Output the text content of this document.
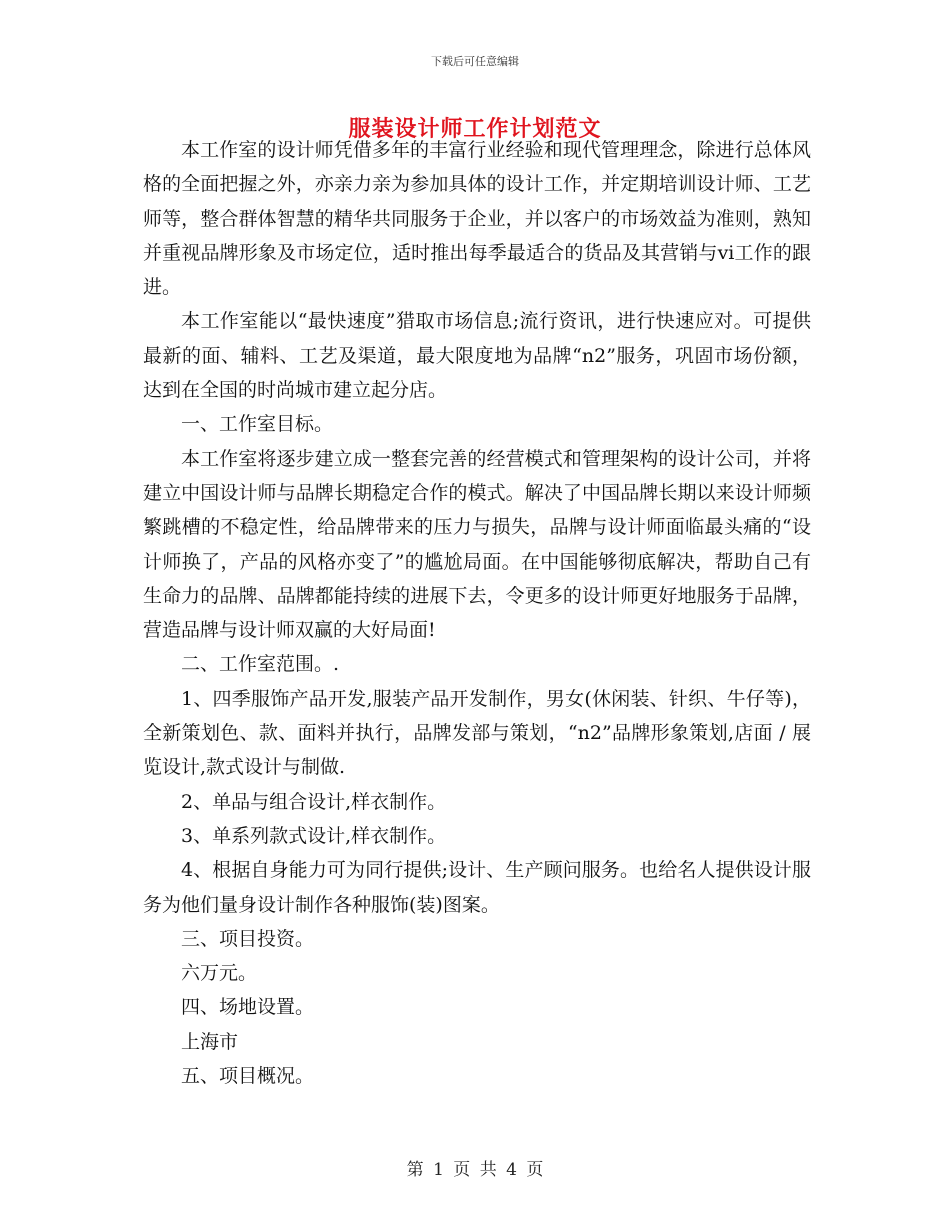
下载后可任意编辑
服装设计师工作计划范文

本工作室的设计师凭借多年的丰富行业经验和现代管理理念，除进行总体风格的全面把握之外，亦亲力亲为参加具体的设计工作，并定期培训设计师、工艺师等，整合群体智慧的精华共同服务于企业，并以客户的市场效益为准则，熟知并重视品牌形象及市场定位，适时推出每季最适合的货品及其营销与vi工作的跟进。

本工作室能以“最快速度”猎取市场信息;流行资讯，进行快速应对。可提供最新的面、辅料、工艺及渠道，最大限度地为品牌“n2”服务，巩固市场份额，达到在全国的时尚城市建立起分店。

一、工作室目标。

本工作室将逐步建立成一整套完善的经营模式和管理架构的设计公司，并将建立中国设计师与品牌长期稳定合作的模式。解决了中国品牌长期以来设计师频繁跳槽的不稳定性，给品牌带来的压力与损失，品牌与设计师面临最头痛的“设计师换了，产品的风格亦变了”的尴尬局面。在中国能够彻底解决，帮助自己有生命力的品牌、品牌都能持续的进展下去，令更多的设计师更好地服务于品牌，营造品牌与设计师双赢的大好局面!

二、工作室范围。.

1、四季服饰产品开发,服装产品开发制作，男女(休闲装、针织、牛仔等)，全新策划色、款、面料并执行，品牌发部与策划，“n2”品牌形象策划,店面 / 展览设计,款式设计与制做.

2、单品与组合设计,样衣制作。

3、单系列款式设计,样衣制作。

4、根据自身能力可为同行提供;设计、生产顾问服务。也给名人提供设计服务为他们量身设计制作各种服饰(装)图案。

三、项目投资。

六万元。

四、场地设置。

上海市

五、项目概况。

第 1 页 共 4 页
